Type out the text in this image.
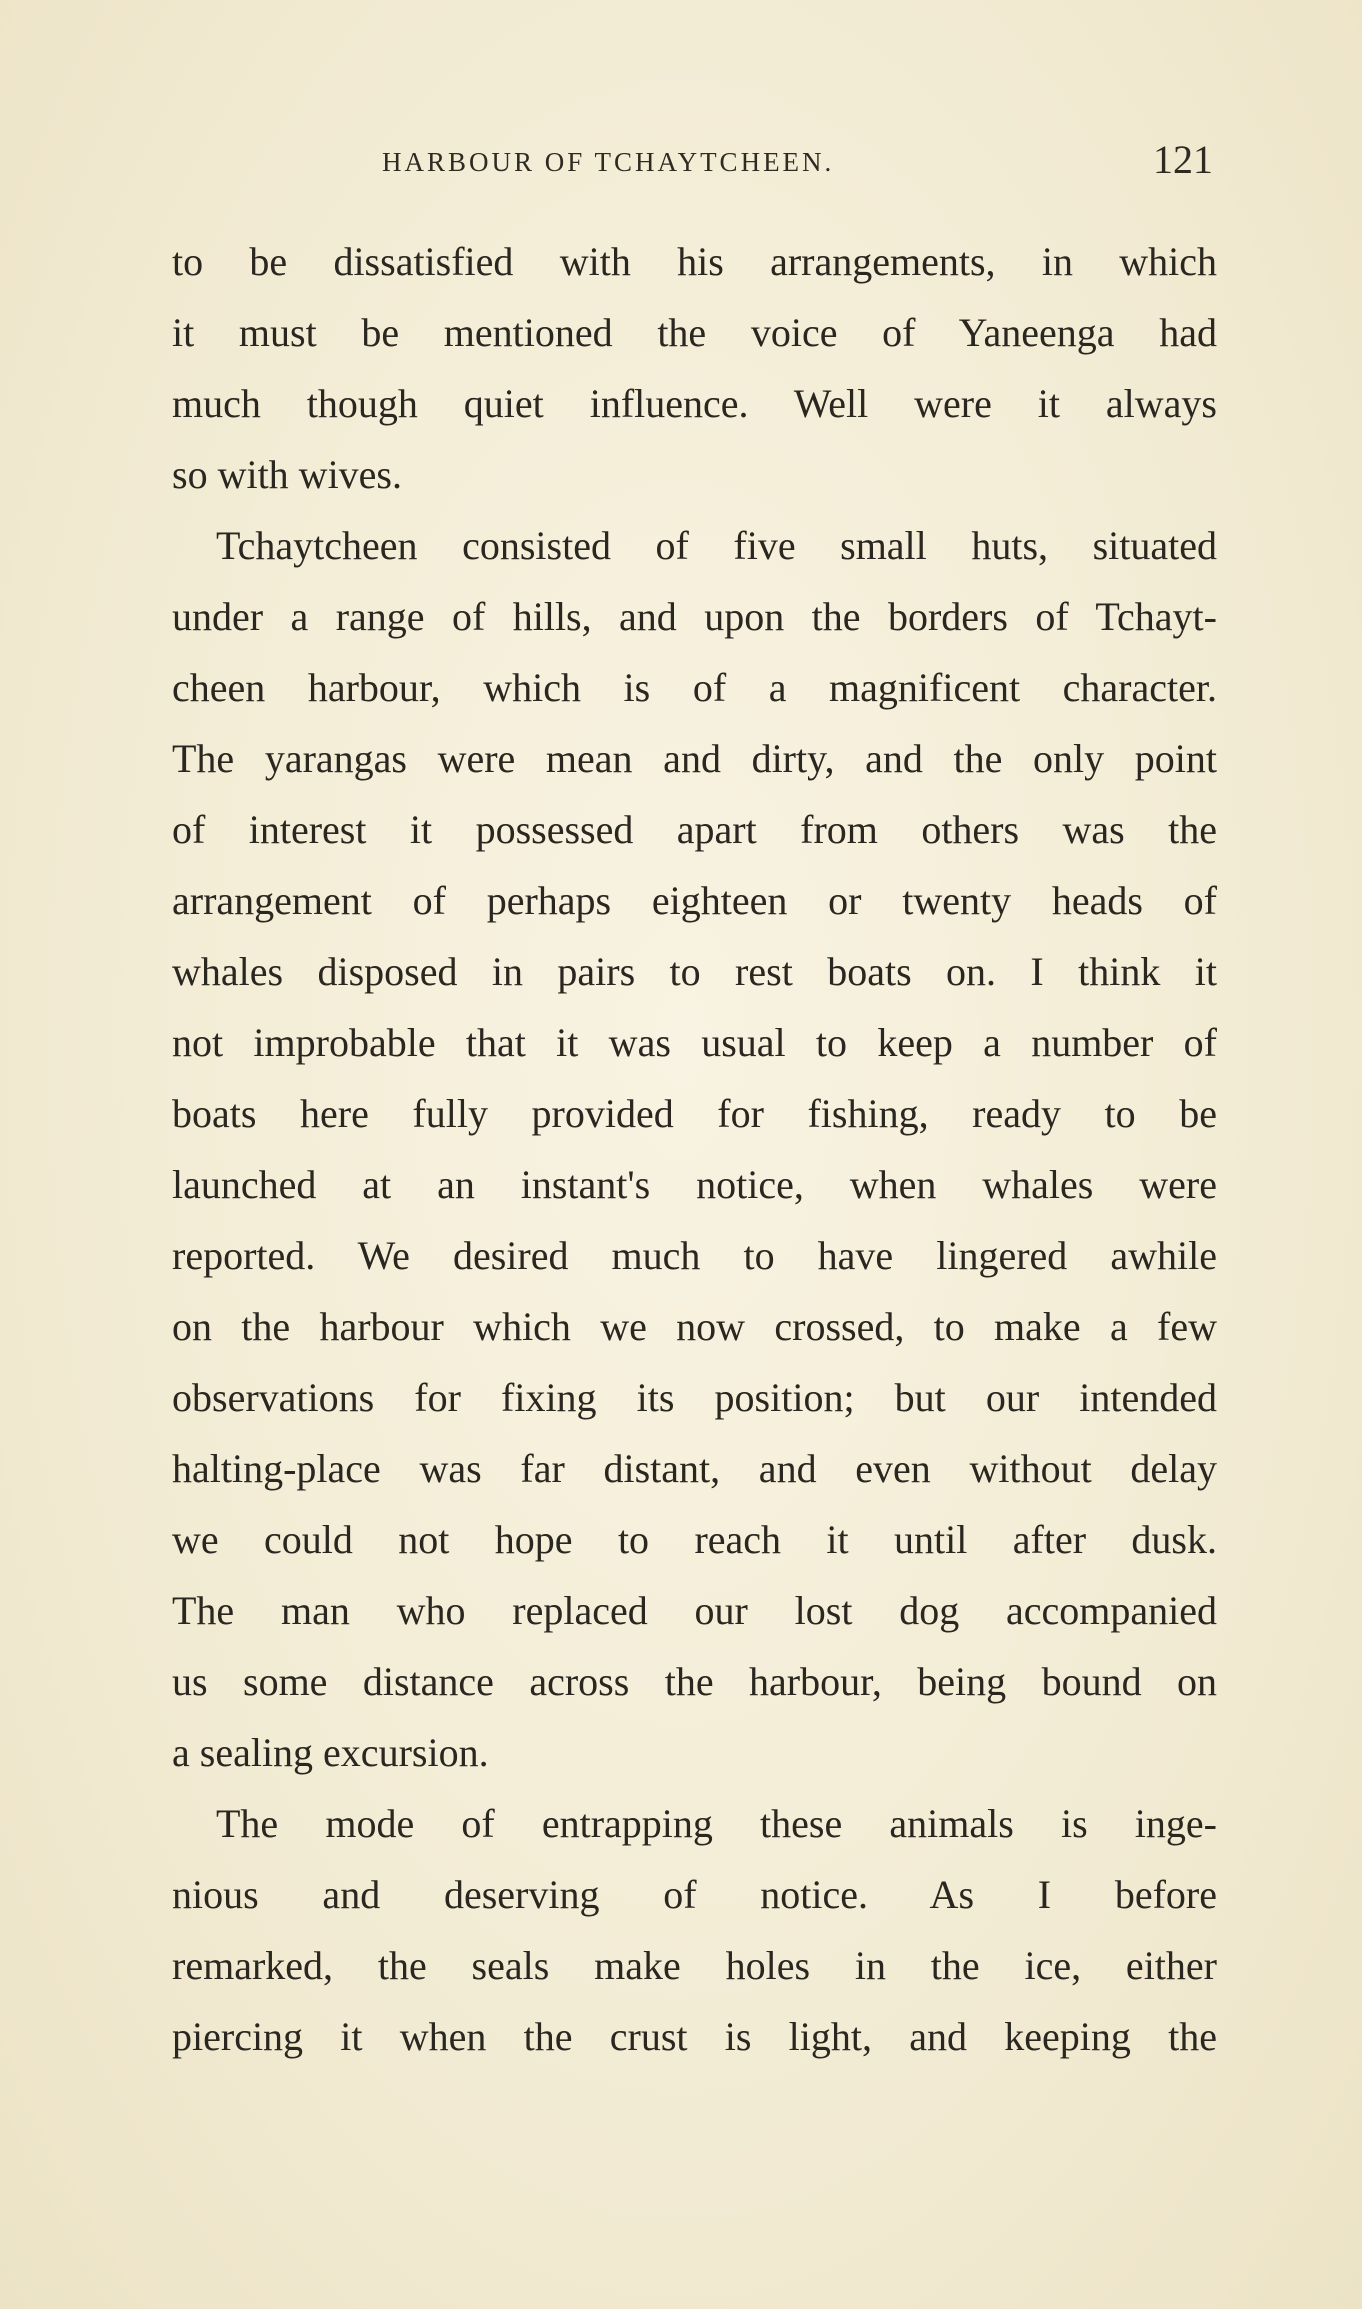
HARBOUR OF TCHAYTCHEEN.	121
to be dissatisfied with his arrangements, in which
it must be mentioned the voice of Yaneenga had
much though quiet influence. Well were it always
so with wives.
Tchaytcheen consisted of five small huts, situated
under a range of hills, and upon the borders of Tchayt-
cheen harbour, which is of a magnificent character.
The yarangas were mean and dirty, and the only point
of interest it possessed apart from others was the
arrangement of perhaps eighteen or twenty heads of
whales disposed in pairs to rest boats on. I think it
not improbable that it was usual to keep a number of
boats here fully provided for fishing, ready to be
launched at an instant's notice, when whales were
reported. We desired much to have lingered awhile
on the harbour which we now crossed, to make a few
observations for fixing its position; but our intended
halting-place was far distant, and even without delay
we could not hope to reach it until after dusk.
The man who replaced our lost dog accompanied
us some distance across the harbour, being bound on
a sealing excursion.
The mode of entrapping these animals is inge-
nious and deserving of notice. As I before
remarked, the seals make holes in the ice, either
piercing it when the crust is light, and keeping the
